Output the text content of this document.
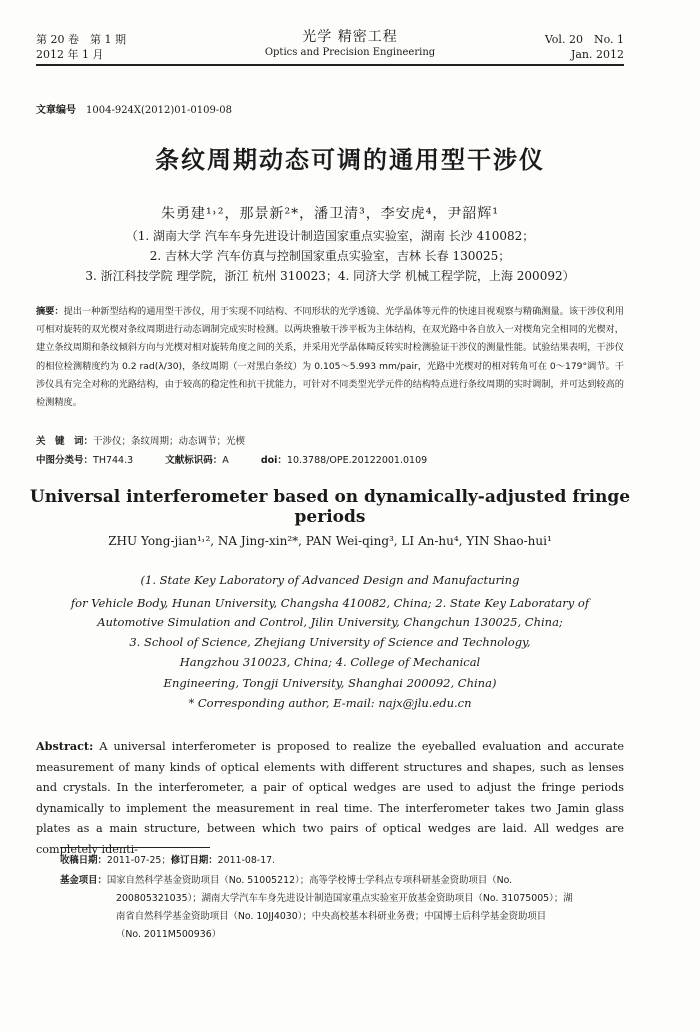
第 20 卷　第 1 期
2012 年 1 月
光学 精密工程
Optics and Precision Engineering
Vol. 20　No. 1
Jan. 2012
文章编号 1004-924X(2012)01-0109-08
条纹周期动态可调的通用型干涉仪
朱勇建¹˒²，那景新²*，潘卫清³，李安虎⁴，尹韶辉¹
（1. 湖南大学 汽车车身先进设计制造国家重点实验室，湖南 长沙 410082；
2. 吉林大学 汽车仿真与控制国家重点实验室，吉林 长春 130025；
3. 浙江科技学院 理学院，浙江 杭州 310023；4. 同济大学 机械工程学院，上海 200092）
摘要：提出一种新型结构的通用型干涉仪，用于实现不同结构、不同形状的光学透镜、光学晶体等元件的快速目视观察与精确测量。该干涉仪利用可相对旋转的双光楔对条纹周期进行动态调制完成实时检测。以两块雅敏干涉平板为主体结构，在双光路中各自放入一对楔角完全相同的光楔对，建立条纹周期和条纹倾斜方向与光楔对相对旋转角度之间的关系，并采用光学晶体畸反转实时检测验证干涉仪的测量性能。试验结果表明，干涉仪的相位检测精度约为 0.2 rad(λ/30)，条纹周期（一对黑白条纹）为 0.105～5.993 mm/pair，光路中光楔对的相对转角可在 0～179°调节。干涉仪具有完全对称的光路结构，由于较高的稳定性和抗干扰能力，可针对不同类型光学元件的结构特点进行条纹周期的实时调制，并可达到较高的检测精度。
关　键　词：干涉仪；条纹周期；动态调节；光楔
中图分类号：TH744.3	文献标识码：A	doi：10.3788/OPE.20122001.0109
Universal interferometer based on dynamically-adjusted fringe periods
ZHU Yong-jian¹˒², NA Jing-xin²*, PAN Wei-qing³, LI An-hu⁴, YIN Shao-hui¹
(1. State Key Laboratory of Advanced Design and Manufacturing
for Vehicle Body, Hunan University, Changsha 410082, China; 2. State Key Laboratary of
Automotive Simulation and Control, Jilin University, Changchun 130025, China;
3. School of Science, Zhejiang University of Science and Technology,
Hangzhou 310023, China; 4. College of Mechanical
Engineering, Tongji University, Shanghai 200092, China)
* Corresponding author, E-mail: najx@jlu.edu.cn
Abstract: A universal interferometer is proposed to realize the eyeballed evaluation and accurate measurement of many kinds of optical elements with different structures and shapes, such as lenses and crystals. In the interferometer, a pair of optical wedges are used to adjust the fringe periods dynamically to implement the measurement in real time. The interferometer takes two Jamin glass plates as a main structure, between which two pairs of optical wedges are laid. All wedges are completely identi-
收稿日期：2011-07-25；修订日期：2011-08-17.
基金项目：国家自然科学基金资助项目（No. 51005212）；高等学校博士学科点专项科研基金资助项目（No.
200805321035）；湖南大学汽车车身先进设计制造国家重点实验室开放基金资助项目（No. 31075005）；湖
南省自然科学基金资助项目（No. 10JJ4030）；中央高校基本科研业务费；中国博士后科学基金资助项目
（No. 2011M500936）
